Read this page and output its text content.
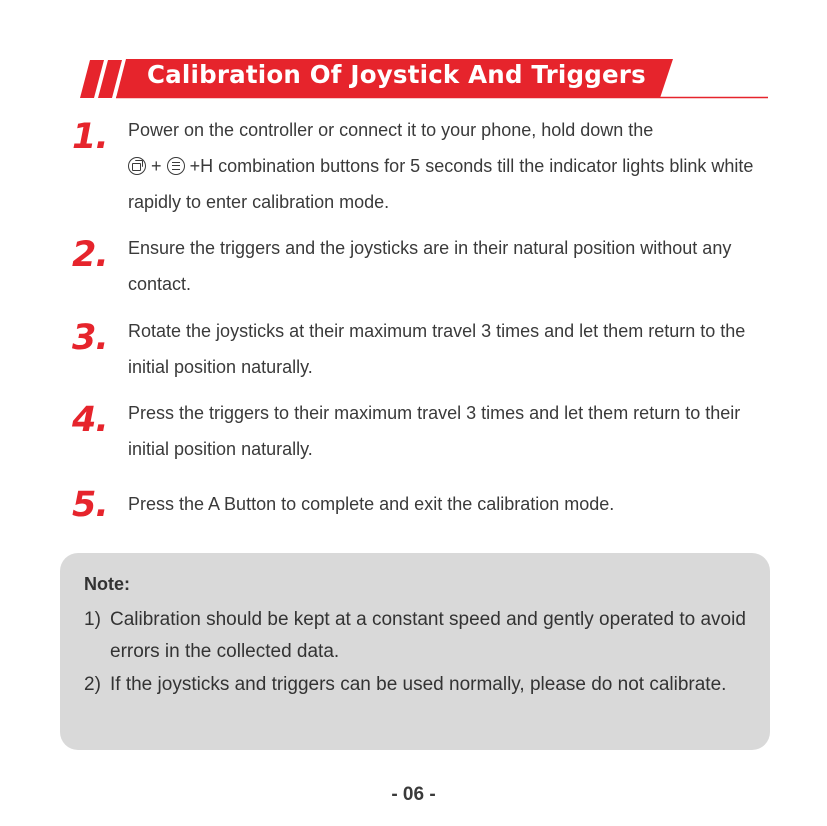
Calibration Of Joystick And Triggers
1. Power on the controller or connect it to your phone, hold down the
+ +H combination buttons for 5 seconds till the indicator lights blink white rapidly to enter calibration mode.
2. Ensure the triggers and the joysticks are in their natural position without any contact.
3. Rotate the joysticks at their maximum travel 3 times and let them return to the initial position naturally.
4. Press the triggers to their maximum travel 3 times and let them return to their initial position naturally.
5. Press the A Button to complete and exit the calibration mode.
Note:
1) Calibration should be kept at a constant speed and gently operated to avoid errors in the collected data.
2) If the joysticks and triggers can be used normally, please do not calibrate.
- 06 -
